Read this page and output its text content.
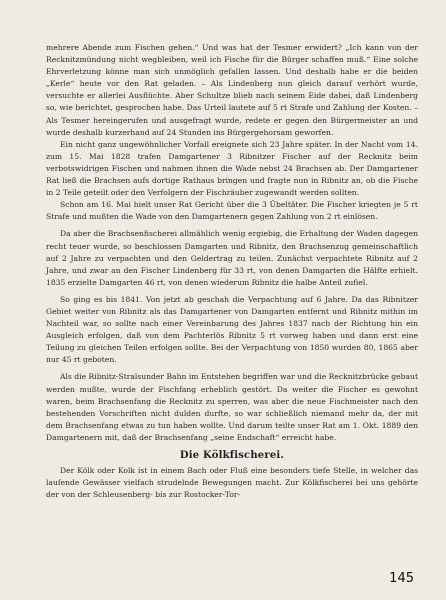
mehrere Abende zum Fischen gehen.“ Und was hat der Tesmer erwidert? „Ich kann von der Recknitzmündung nicht wegbleiben, weil ich Fische für die Bürger schaffen muß.“ Eine solche Ehrverletzung könne man sich unmöglich gefallen lassen. Und deshalb habe er die beiden „Kerle“ heute vor den Rat geladen. – Als Lindenberg nun gleich darauf verhört wurde, versuchte er allerlei Ausflüchte. Aber Schultze blieb nach seinem Eide dabei, daß Lindenberg so, wie berichtet, gesprochen habe. Das Urteil lautete auf 5 rt Strafe und Zahlung der Kosten. – Als Tesmer hereingerufen und ausgefragt wurde, redete er gegen den Bürgermeister an und wurde deshalb kurzerhand auf 24 Stunden ins Bürgergehorsam geworfen.

Ein nicht ganz ungewöhnlicher Vorfall ereignete sich 23 Jahre später. In der Nacht vom 14. zum 15. Mai 1828 trafen Damgartener 3 Ribnitzer Fischer auf der Recknitz beim verbotswidrigen Fischen und nahmen ihnen die Wade nebst 24 Brachsen ab. Der Damgartener Rat ließ die Brachsen aufs dortige Rathaus bringen und fragte nun in Ribnitz an, ob die Fische in 2 Teile geteilt oder den Verfolgern der Fischräuber zugewandt werden sollten.

Schon am 16. Mai hielt unser Rat Gericht über die 3 Übeltäter. Die Fischer kriegten je 5 rt Strafe und mußten die Wade von den Damgartenern gegen Zahlung von 2 rt einlösen.

Da aber die Brachsenfischerei allmählich wenig ergiebig, die Erhaltung der Waden dagegen recht teuer wurde, so beschlossen Damgarten und Ribnitz, den Brachsenzug gemeinschaftlich auf 2 Jahre zu verpachten und den Geldertrag zu teilen. Zunächst verpachtete Ribnitz auf 2 Jahre, und zwar an den Fischer Lindenberg für 33 rt, von denen Damgarten die Hälfte erhielt. 1835 erzielte Damgarten 46 rt, von denen wiederum Ribnitz die halbe Anteil zufiel.

So ging es bis 1841. Von jetzt ab geschah die Verpachtung auf 6 Jahre. Da das Ribnitzer Gebiet weiter von Ribnitz als das Damgartener von Damgarten entfernt und Ribnitz mithin im Nachteil war, so sollte nach einer Vereinbarung des Jahres 1837 nach der Richtung hin ein Ausgleich erfolgen, daß von dem Pachterlös Ribnitz 5 rt vorweg haben und dann erst eine Teilung zu gleichen Teilen erfolgen sollte. Bei der Verpachtung von 1850 wurden 80, 1865 aber nur 45 rt geboten.

Als die Ribnitz-Stralsunder Bahn im Entstehen begriffen war und die Recknitzbrücke gebaut werden mußte, wurde der Fischfang erheblich gestört. Da weiter die Fischer es gewohnt waren, beim Brachsenfang die Recknitz zu sperren, was aber die neue Fischmeister nach den bestehenden Vorschriften nicht dulden durfte, so war schließlich niemand mehr da, der mit dem Brachsenfang etwas zu tun haben wollte. Und darum teilte unser Rat am 1. Okt. 1889 den Damgartenern mit, daß der Brachsenfang „seine Endschaft“ erreicht habe.

Die Kölkfischerei.

Der Kölk oder Kolk ist in einem Bach oder Fluß eine besonders tiefe Stelle, in welcher das laufende Gewässer vielfach strudelnde Bewegungen macht. Zur Kölkfischerei bei uns gehörte der von der Schleusenberg- bis zur Rostocker-Tor-

145
